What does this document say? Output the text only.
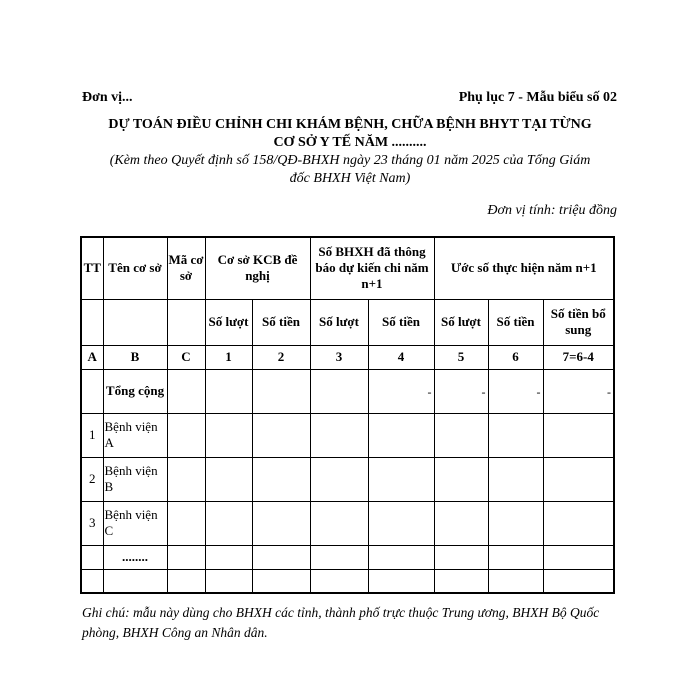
Đơn vị...	Phụ lục 7 - Mẫu biểu số 02
DỰ TOÁN ĐIỀU CHỈNH CHI KHÁM BỆNH, CHỮA BỆNH BHYT TẠI TỪNG
CƠ SỞ Y TẾ NĂM ..........
(Kèm theo Quyết định số 158/QĐ-BHXH ngày 23 tháng 01 năm 2025 của Tổng Giám
đốc BHXH Việt Nam)
Đơn vị tính: triệu đồng
TT	Tên cơ sở	Mã cơ sở	Cơ sở KCB đề nghị		Số BHXH đã thông báo dự kiến chi năm n+1		Ước số thực hiện năm n+1		
			Số lượt	Số tiền	Số lượt	Số tiền	Số lượt	Số tiền	Số tiền bổ sung
A	B	C	1	2	3	4	5	6	7=6-4
	Tổng cộng					-	-	-	-

1	Bệnh viện A								
2	Bệnh viện B								
3	Bệnh viện C								
	........								

Ghi chú: mẫu này dùng cho BHXH các tỉnh, thành phố trực thuộc Trung ương, BHXH Bộ Quốc phòng, BHXH Công an Nhân dân.
